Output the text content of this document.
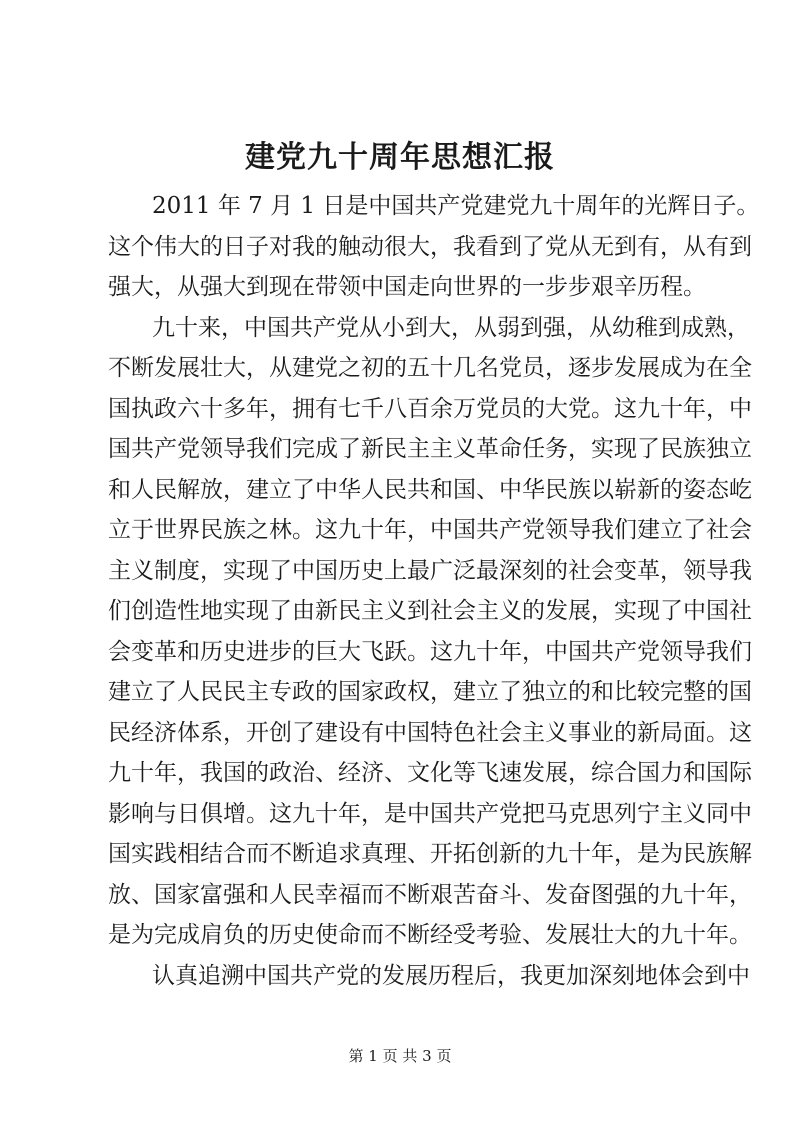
建党九十周年思想汇报
2011 年 7 月 1 日是中国共产党建党九十周年的光辉日子。
这个伟大的日子对我的触动很大，我看到了党从无到有，从有到
强大，从强大到现在带领中国走向世界的一步步艰辛历程。
九十来，中国共产党从小到大，从弱到强，从幼稚到成熟，
不断发展壮大，从建党之初的五十几名党员，逐步发展成为在全
国执政六十多年，拥有七千八百余万党员的大党。这九十年，中
国共产党领导我们完成了新民主主义革命任务，实现了民族独立
和人民解放，建立了中华人民共和国、中华民族以崭新的姿态屹
立于世界民族之林。这九十年，中国共产党领导我们建立了社会
主义制度，实现了中国历史上最广泛最深刻的社会变革，领导我
们创造性地实现了由新民主义到社会主义的发展，实现了中国社
会变革和历史进步的巨大飞跃。这九十年，中国共产党领导我们
建立了人民民主专政的国家政权，建立了独立的和比较完整的国
民经济体系，开创了建设有中国特色社会主义事业的新局面。这
九十年，我国的政治、经济、文化等飞速发展，综合国力和国际
影响与日俱增。这九十年，是中国共产党把马克思列宁主义同中
国实践相结合而不断追求真理、开拓创新的九十年，是为民族解
放、国家富强和人民幸福而不断艰苦奋斗、发奋图强的九十年，
是为完成肩负的历史使命而不断经受考验、发展壮大的九十年。
认真追溯中国共产党的发展历程后，我更加深刻地体会到中
第 1 页 共 3 页
